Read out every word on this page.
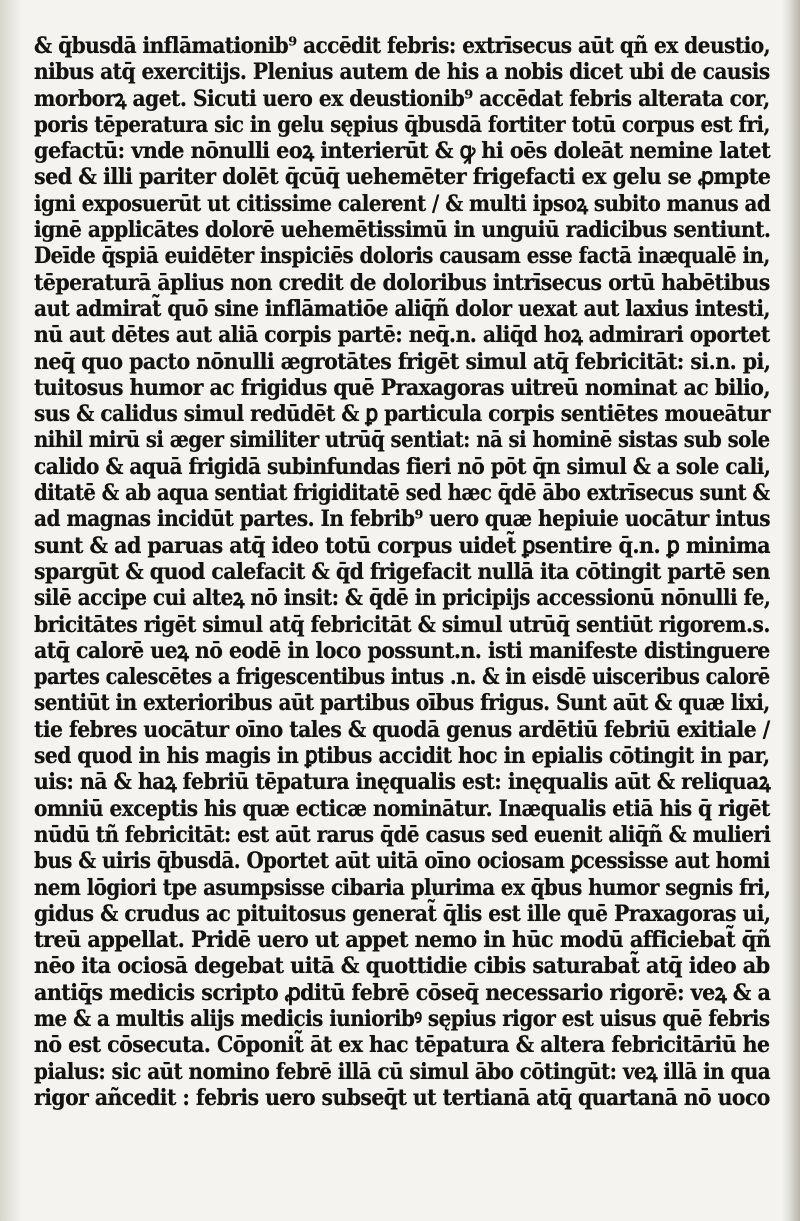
& q̄busdā inflāmationib⁹ accēdit febris: extrīsecus aūt qñ ex deustio,
nibus atq̄ exercitijs. Plenius autem de his a nobis dicet ubi de causis
morborꝝ aget. Sicuti uero ex deustionib⁹ accēdat febris alterata cor,
poris tēperatura sic in gelu sępius q̄busdā fortiter totū corpus est fri,
gefactū: vnde nōnulli eoꝝ interierūt & ꝙ hi oēs doleāt nemine latet
sed & illi pariter dolēt q̄cūq̄ uehemēter frigefacti ex gelu se ꝓmpte
igni exposuerūt ut citissime calerent / & multi ipsoꝝ subito manus ad
ignē applicātes dolorē uehemētissimū in unguiū radicibus sentiunt.
Deīde q̄spiā euidēter inspiciēs doloris causam esse factā inæqualē in,
tēperaturā āplius non credit de doloribus intrīsecus ortū habētibus
aut admirat̃ quō sine inflāmatiōe aliq̄ñ dolor uexat aut laxius intesti,
nū aut dētes aut aliā corpis partē: neq̄.n. aliq̄d hoꝝ admirari oportet
neq̄ quo pacto nōnulli ægrotātes frigēt simul atq̄ febricitāt: si.n. pi,
tuitosus humor ac frigidus quē Praxagoras uitreū nominat ac bilio,
sus & calidus simul redūdēt & ꝑ particula corpis sentiētes moueātur
nihil mirū si æger similiter utrūq̄ sentiat: nā si hominē sistas sub sole
calido & aquā frigidā subinfundas fieri nō pōt q̄n simul & a sole cali,
ditatē & ab aqua sentiat frigiditatē sed hæc q̄dē ābo extrīsecus sunt &
ad magnas incidūt partes. In febrib⁹ uero quæ hepiuie uocātur intus
sunt & ad paruas atq̄ ideo totū corpus uidet̃ ꝑsentire q̄.n. ꝑ minima
spargūt & quod calefacit & q̄d frigefacit nullā ita cōtingit partē sen
silē accipe cui alteꝝ nō insit: & q̄dē in pricipijs accessionū nōnulli fe,
bricitātes rigēt simul atq̄ febricitāt & simul utrūq̄ sentiūt rigorem.s.
atq̄ calorē ueꝝ nō eodē in loco possunt.n. isti manifeste distinguere
partes calescētes a frigescentibus intus .n. & in eisdē uisceribus calorē
sentiūt in exterioribus aūt partibus oībus frigus. Sunt aūt & quæ lixi,
tie febres uocātur oīno tales & quodā genus ardētiū febriū exitiale /
sed quod in his magis in ꝑtibus accidit hoc in epialis cōtingit in par,
uis: nā & haꝝ febriū tēpatura inęqualis est: inęqualis aūt & reliquaꝝ
omniū exceptis his quæ ecticæ nominātur. Inæqualis etiā his q̄ rigēt
nūdū tñ febricitāt: est aūt rarus q̄dē casus sed euenit aliq̄ñ & mulieri
bus & uiris q̄busdā. Oportet aūt uitā oīno ociosam ꝑcessisse aut homi
nem lōgiori tpe asumpsisse cibaria plurima ex q̄bus humor segnis fri,
gidus & crudus ac pituitosus generat̃ q̄lis est ille quē Praxagoras ui,
treū appellat. Pridē uero ut appet nemo in hūc modū afficiebat̃ q̄ñ
nēo ita ociosā degebat uitā & quottidie cibis saturabat̃ atq̄ ideo ab
antiq̄s medicis scripto ꝓditū febrē cōseq̄ necessario rigorē: veꝝ & a
me & a multis alijs medicis iunioribꝰ sępius rigor est uisus quē febris
nō est cōsecuta. Cōponit̃ āt ex hac tēpatura & altera febricitāriū he
pialus: sic aūt nomino febrē illā cū simul ābo cōtingūt: veꝝ illā in qua
rigor añcedit : febris uero subseq̄t ut tertianā atq̄ quartanā nō uoco
